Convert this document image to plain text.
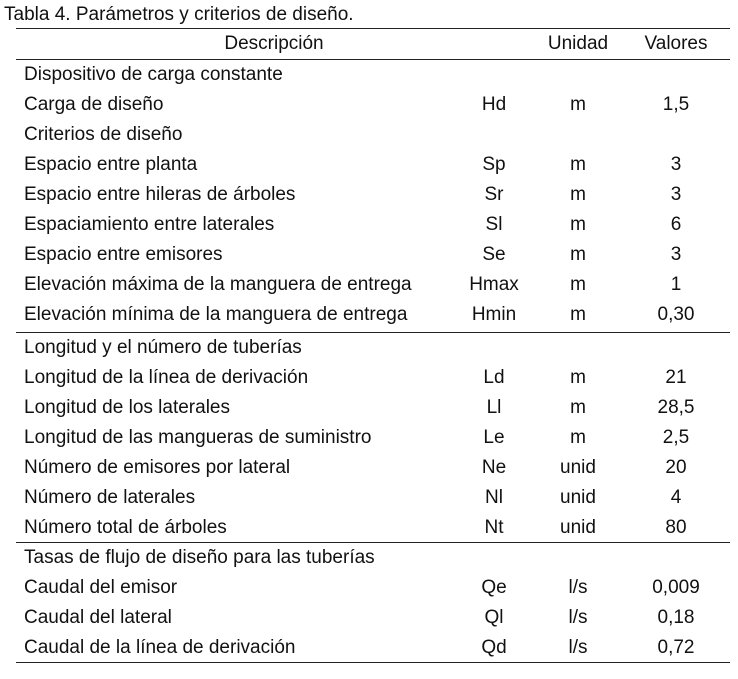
Tabla 4. Parámetros y criterios de diseño.
Descripción	Unidad	Valores
Dispositivo de carga constante
Carga de diseño	Hd	m	1,5
Criterios de diseño
Espacio entre planta	Sp	m	3
Espacio entre hileras de árboles	Sr	m	3
Espaciamiento entre laterales	Sl	m	6
Espacio entre emisores	Se	m	3
Elevación máxima de la manguera de entrega	Hmax	m	1
Elevación mínima de la manguera de entrega	Hmin	m	0,30
Longitud y el número de tuberías
Longitud de la línea de derivación	Ld	m	21
Longitud de los laterales	Ll	m	28,5
Longitud de las mangueras de suministro	Le	m	2,5
Número de emisores por lateral	Ne	unid	20
Número de laterales	Nl	unid	4
Número total de árboles	Nt	unid	80
Tasas de flujo de diseño para las tuberías
Caudal del emisor	Qe	l/s	0,009
Caudal del lateral	Ql	l/s	0,18
Caudal de la línea de derivación	Qd	l/s	0,72
